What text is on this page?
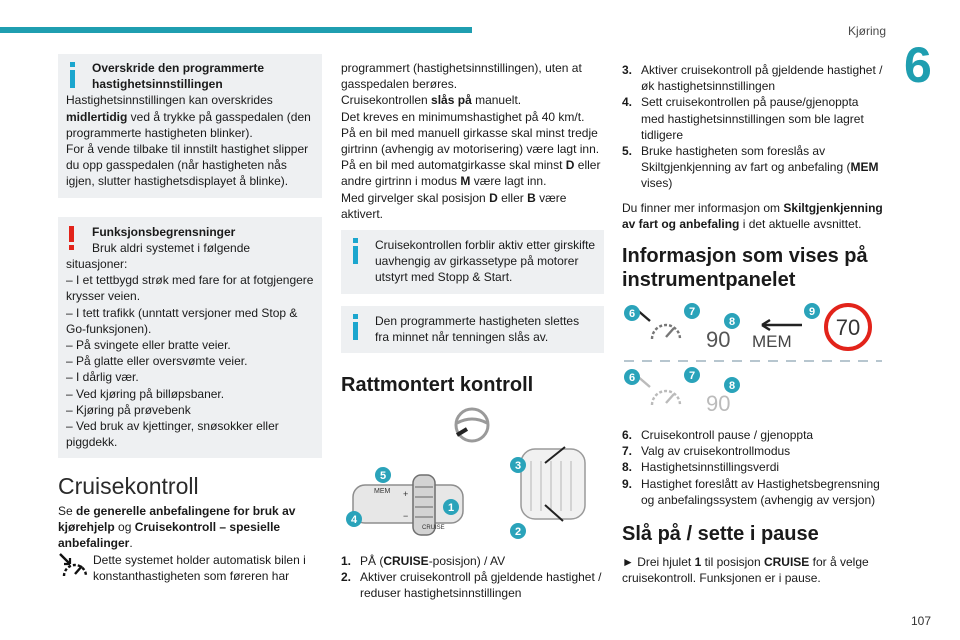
Kjøring
6
107
Overskride den programmerte hastighetsinnstillingen
Hastighetsinnstillingen kan overskrides midlertidig ved å trykke på gasspedalen (den programmerte hastigheten blinker).
For å vende tilbake til innstilt hastighet slipper du opp gasspedalen (når hastigheten nås igjen, slutter hastighetsdisplayet å blinke).
Funksjonsbegrensninger
Bruk aldri systemet i følgende
situasjoner:
– I et tettbygd strøk med fare for at fotgjengere krysser veien.
– I tett trafikk (unntatt versjoner med Stop & Go-funksjonen).
– På svingete eller bratte veier.
– På glatte eller oversvømte veier.
– I dårlig vær.
– Ved kjøring på billøpsbaner.
– Kjøring på prøvebenk
– Ved bruk av kjettinger, snøsokker eller piggdekk.
Cruisekontroll
Se de generelle anbefalingene for bruk av kjørehjelp og Cruisekontroll – spesielle anbefalinger.
Dette systemet holder automatisk bilen i konstanthastigheten som føreren har
programmert (hastighetsinnstillingen), uten at gasspedalen berøres.
Cruisekontrollen slås på manuelt.
Det kreves en minimumshastighet på 40 km/t.
På en bil med manuell girkasse skal minst tredje girtrinn (avhengig av motorisering) være lagt inn.
På en bil med automatgirkasse skal minst D eller andre girtrinn i modus M være lagt inn.
Med girvelger skal posisjon D eller B være aktivert.
Cruisekontrollen forblir aktiv etter girskifte uavhengig av girkassetype på motorer utstyrt med Stopp & Start.
Den programmerte hastigheten slettes fra minnet når tenningen slås av.
Rattmontert kontroll
MEM
CRUISE
+
−
1
2
3
4
5
1. PÅ (CRUISE-posisjon) / AV
2. Aktiver cruisekontroll på gjeldende hastighet / reduser hastighetsinnstillingen
3. Aktiver cruisekontroll på gjeldende hastighet / øk hastighetsinnstillingen
4. Sett cruisekontrollen på pause/gjenoppta med hastighetsinnstillingen som ble lagret tidligere
5. Bruke hastigheten som foreslås av Skiltgjenkjenning av fart og anbefaling (MEM vises)
Du finner mer informasjon om Skiltgjenkjenning av fart og anbefaling i det aktuelle avsnittet.
Informasjon som vises på instrumentpanelet
90 MEM
70
6	7
8
9
90
6	7
8
6. Cruisekontroll pause / gjenoppta
7. Valg av cruisekontrollmodus
8. Hastighetsinnstillingsverdi
9. Hastighet foreslått av Hastighetsbegrensning og anbefalingssystem (avhengig av versjon)
Slå på / sette i pause
► Drei hjulet 1 til posisjon CRUISE for å velge cruisekontroll. Funksjonen er i pause.
